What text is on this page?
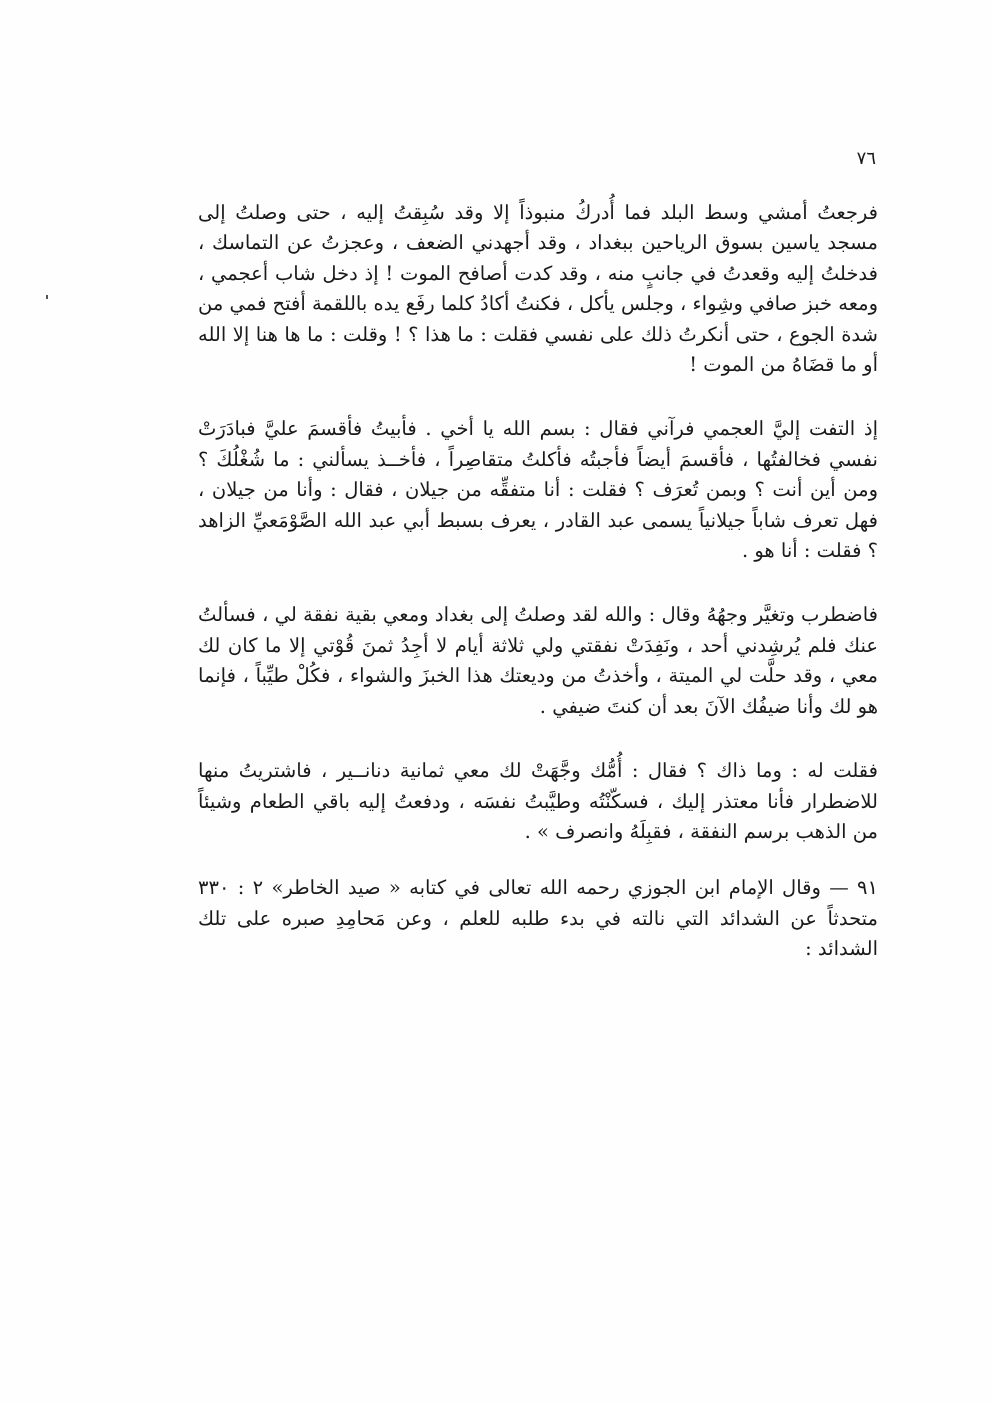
٧٦

فرجعتُ أمشي وسط البلد فما أُدركُ منبوذاً إلا وقد سُبِقتُ إليه ، حتى وصلتُ إلى مسجد ياسين بسوق الرياحين ببغداد ، وقد أجهدني الضعف ، وعجزتُ عن التماسك ، فدخلتُ إليه وقعدتُ في جانبٍ منه ، وقد كدت أصافح الموت ! إذ دخل شاب أعجمي ، ومعه خبز صافي وشِواء ، وجلس يأكل ، فكنتُ أكادُ كلما رفَع يده باللقمة أفتح فمي من شدة الجوع ، حتى أنكرتُ ذلك على نفسي فقلت : ما هذا ؟ ! وقلت : ما ها هنا إلا الله أو ما قضَاهُ من الموت !

إذ التفت إليَّ العجمي فرآني فقال : بسم الله يا أخي . فأبيتُ فأقسمَ عليَّ فبادَرَتْ نفسي فخالفتُها ، فأقسمَ أيضاً فأجبتُه فأكلتُ متقاصِراً ، فأخــذ يسألني : ما شُغْلُكَ ؟ ومن أين أنت ؟ وبمن تُعرَف ؟ فقلت : أنا متفقِّه من جيلان ، فقال : وأنا من جيلان ، فهل تعرف شاباً جيلانياً يسمى عبد القادر ، يعرف بسبط أبي عبد الله الصَّوْمَعيِّ الزاهد ؟ فقلت : أنا هو .

فاضطرب وتغيَّر وجهُهُ وقال : والله لقد وصلتُ إلى بغداد ومعي بقية نفقة لي ، فسألتُ عنك فلم يُرشِدني أحد ، ونَفِدَتْ نفقتي ولي ثلاثة أيام لا أجِدُ ثمنَ قُوْتي إلا ما كان لك معي ، وقد حلَّت لي الميتة ، وأخذتُ من وديعتك هذا الخبزَ والشواء ، فكُلْ طيِّباً ، فإنما هو لك وأنا ضيفُك الآنَ بعد أن كنتَ ضيفي .

فقلت له : وما ذاك ؟ فقال : أُمُّك وجَّهَتْ لك معي ثمانية دنانــير ، فاشتريتُ منها للاضطرار فأنا معتذر إليك ، فسكّنْتُه وطيَّبتُ نفسَه ، ودفعتُ إليه باقي الطعام وشيئاً من الذهب برسم النفقة ، فقبِلَهُ وانصرف » .

٩١ — وقال الإمام ابن الجوزي رحمه الله تعالى في كتابه « صيد الخاطر» ٢ : ٣٣٠ متحدثاً عن الشدائد التي نالته في بدء طلبه للعلم ، وعن مَحامِدِ صبره على تلك الشدائد :
